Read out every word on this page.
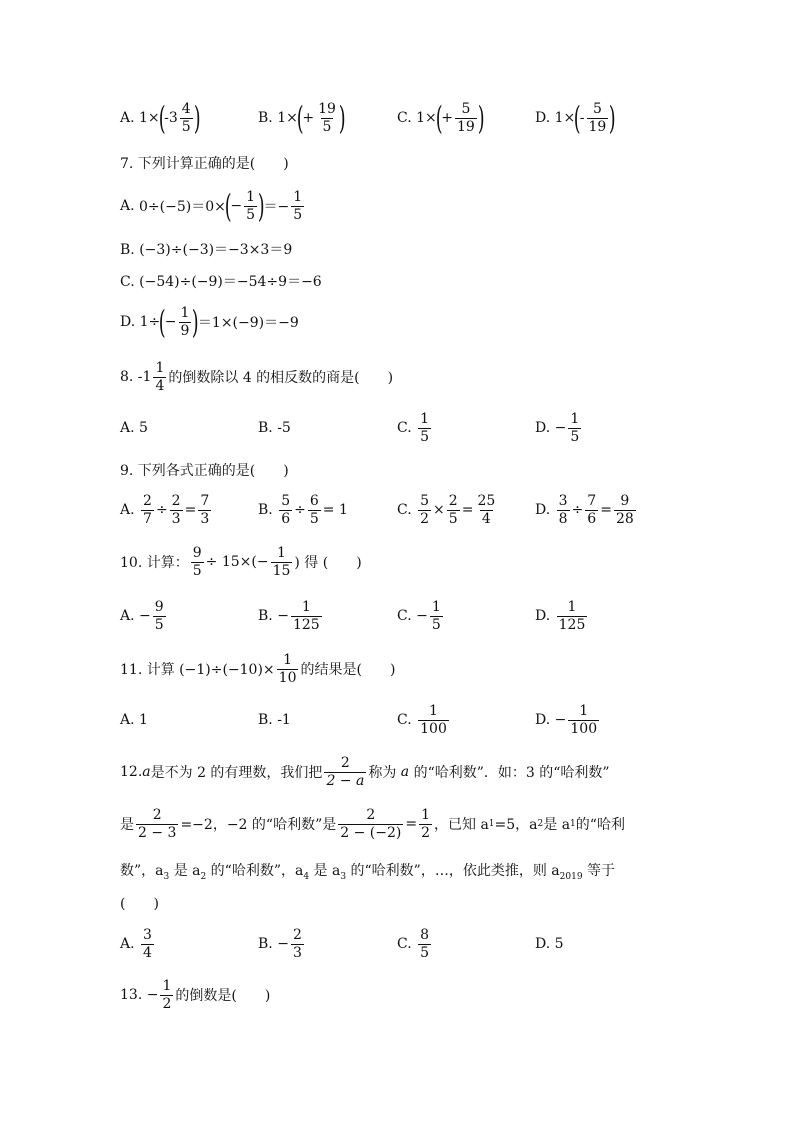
A.
1×
(
-3
4
5 )	B.
1×
(
+ $\frac{19}{5}$ )	C.
1×
(
+ $\frac{5}{19}$ )	D.
1×
(
-
5
19 )
7. 下列计算正确的是(　　)
A.
0÷(−5)＝0×
(
− $\frac{1}{5}$ )
＝− $\frac{1}{5}$
B. (−3)÷(−3)＝−3×3＝9
C. (−54)÷(−9)＝−54÷9＝−6
D.
1÷
(
− $\frac{1}{9}$ )
＝1×(−9)＝−9
8. -1
1
4 的倒数除以 4 的相反数的商是(　　)
A.
5	B.
-5	C.

1
5
D.
− $\frac{1}{5}$
9. 下列各式正确的是(　　)
A.
$\frac{2}{7} \div \frac{2}{3} = \frac{7}{3}$	B.
$\frac{5}{6} \div \frac{6}{5} = 1$	C.
$\frac{5}{2} \times \frac{2}{5} = \frac{25}{4}$	D.
$\frac{3}{8} \div \frac{7}{6} = \frac{9}{28}$
10. 计算： $\frac{9}{5} \div 15\times(- \frac{1}{15}$ ) 得 (　　)
A.
− $\frac{9}{5}$	B.
− $\frac{1}{125}$	C.
− $\frac{1}{5}$	D.

1
125
11. 计算 $(-1)\div(-10)\times \frac{1}{10}$ 的结果是(　　)
A.
1	B.
-1	C.

1
100
D.
− $\frac{1}{100}$
12. a 是不为 2 的有理数，我们把
2
2 − a 称为
a
的“哈利数”．如：3 的“哈利数”
是 $\frac{2}{2 - 3} =-2$，−2 的“哈利数”是 $\frac{2}{2 - (-2)} = \frac{1}{2}$ ，已知 a 1 =5，a 2 是 a 1 的“哈利
数”，$a_3$ 是 $a_2$ 的“哈利数”，$a_4$ 是 $a_3$ 的“哈利数”，…，依此类推，则 $a_{2019}$ 等于
(　　)
A.

3
4
B.
− $\frac{2}{3}$	C.

8
5
D.
5
13. − $\frac{1}{2}$ 的倒数是(　　)
